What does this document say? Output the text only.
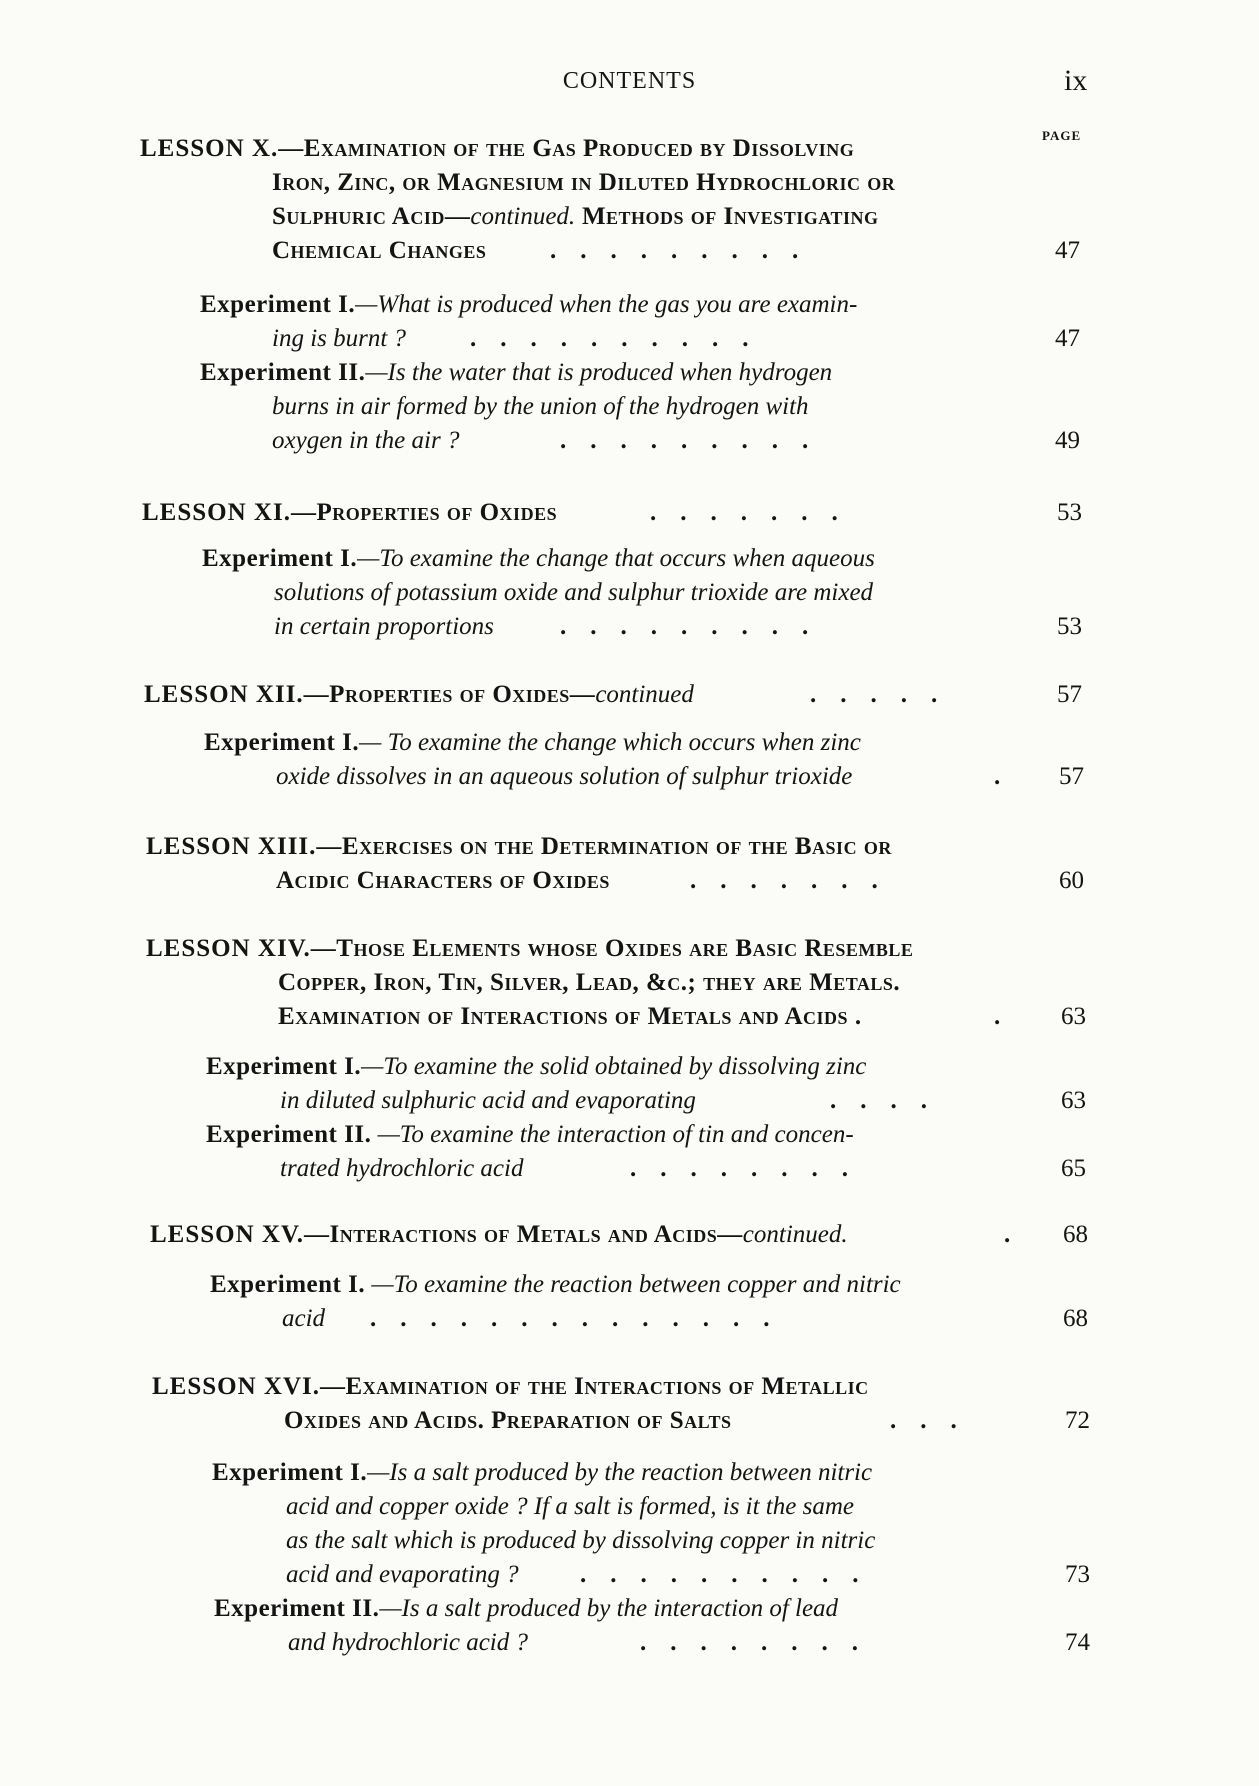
CONTENTS	ix
PAGE
LESSON X.—Examination of the Gas Produced by Dissolving
Iron, Zinc, or Magnesium in Diluted Hydrochloric or
Sulphuric Acid—continued. Methods of Investigating
Chemical Changes	.........	47
Experiment I.—What is produced when the gas you are examin-
ing is burnt ?	..........	47
Experiment II.—Is the water that is produced when hydrogen
burns in air formed by the union of the hydrogen with
oxygen in the air ?	.........	49
LESSON XI.—Properties of Oxides	.......	53
Experiment I.—To examine the change that occurs when aqueous
solutions of potassium oxide and sulphur trioxide are mixed
in certain proportions	.........	53
LESSON XII.—Properties of Oxides—continued	.....	57
Experiment I.— To examine the change which occurs when zinc
oxide dissolves in an aqueous solution of sulphur trioxide	.	57
LESSON XIII.—Exercises on the Determination of the Basic or
Acidic Characters of Oxides	.......	60
LESSON XIV.—Those Elements whose Oxides are Basic Resemble
Copper, Iron, Tin, Silver, Lead, &c.; they are Metals.
Examination of Interactions of Metals and Acids .	.	63
Experiment I.—To examine the solid obtained by dissolving zinc
in diluted sulphuric acid and evaporating	....	63
Experiment II. —To examine the interaction of tin and concen-
trated hydrochloric acid	........	65
LESSON XV.—Interactions of Metals and Acids—continued.	.	68
Experiment I. —To examine the reaction between copper and nitric
acid ..............	68
LESSON XVI.—Examination of the Interactions of Metallic
Oxides and Acids. Preparation of Salts	...	72
Experiment I.—Is a salt produced by the reaction between nitric
acid and copper oxide ? If a salt is formed, is it the same
as the salt which is produced by dissolving copper in nitric
acid and evaporating ? ..........	73
Experiment II.—Is a salt produced by the interaction of lead
and hydrochloric acid ?	........	74
